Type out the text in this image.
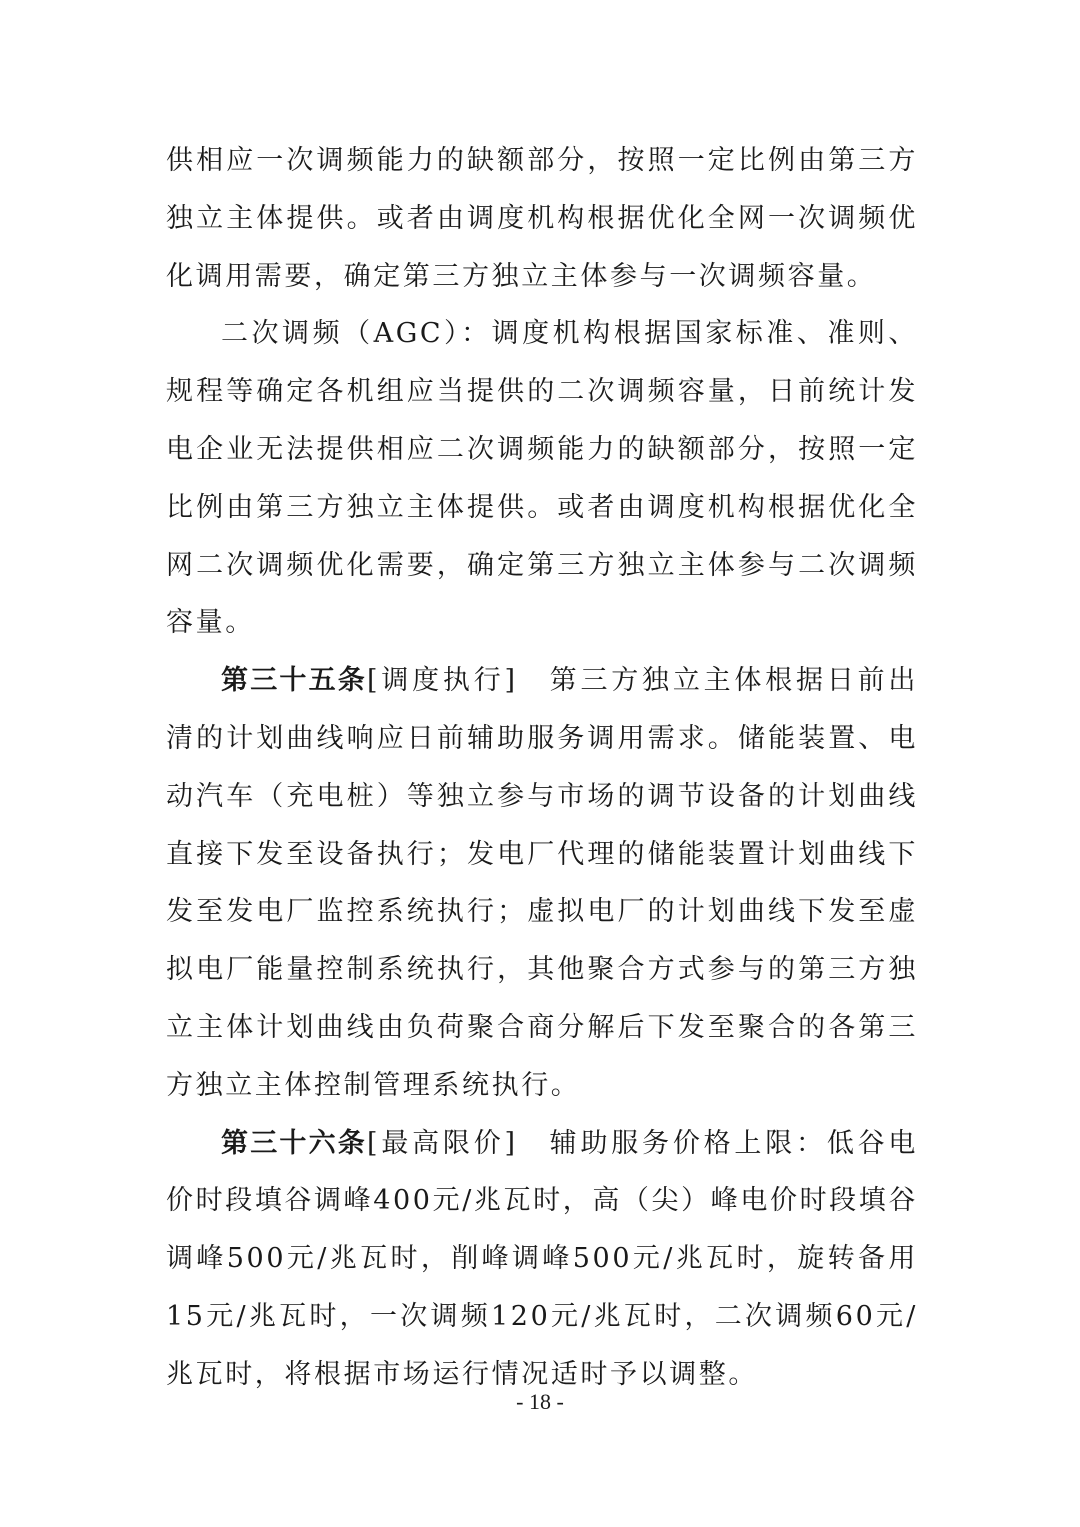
供相应一次调频能力的缺额部分，按照一定比例由第三方独立主体提供。或者由调度机构根据优化全网一次调频优化调用需要，确定第三方独立主体参与一次调频容量。

二次调频（AGC）：调度机构根据国家标准、准则、规程等确定各机组应当提供的二次调频容量，日前统计发电企业无法提供相应二次调频能力的缺额部分，按照一定比例由第三方独立主体提供。或者由调度机构根据优化全网二次调频优化需要，确定第三方独立主体参与二次调频容量。

第三十五条[调度执行]　第三方独立主体根据日前出清的计划曲线响应日前辅助服务调用需求。储能装置、电动汽车（充电桩）等独立参与市场的调节设备的计划曲线直接下发至设备执行；发电厂代理的储能装置计划曲线下发至发电厂监控系统执行；虚拟电厂的计划曲线下发至虚拟电厂能量控制系统执行，其他聚合方式参与的第三方独立主体计划曲线由负荷聚合商分解后下发至聚合的各第三方独立主体控制管理系统执行。

第三十六条[最高限价]　辅助服务价格上限：低谷电价时段填谷调峰400元/兆瓦时，高（尖）峰电价时段填谷调峰500元/兆瓦时，削峰调峰500元/兆瓦时，旋转备用15元/兆瓦时，一次调频120元/兆瓦时，二次调频60元/兆瓦时，将根据市场运行情况适时予以调整。

- 18 -
